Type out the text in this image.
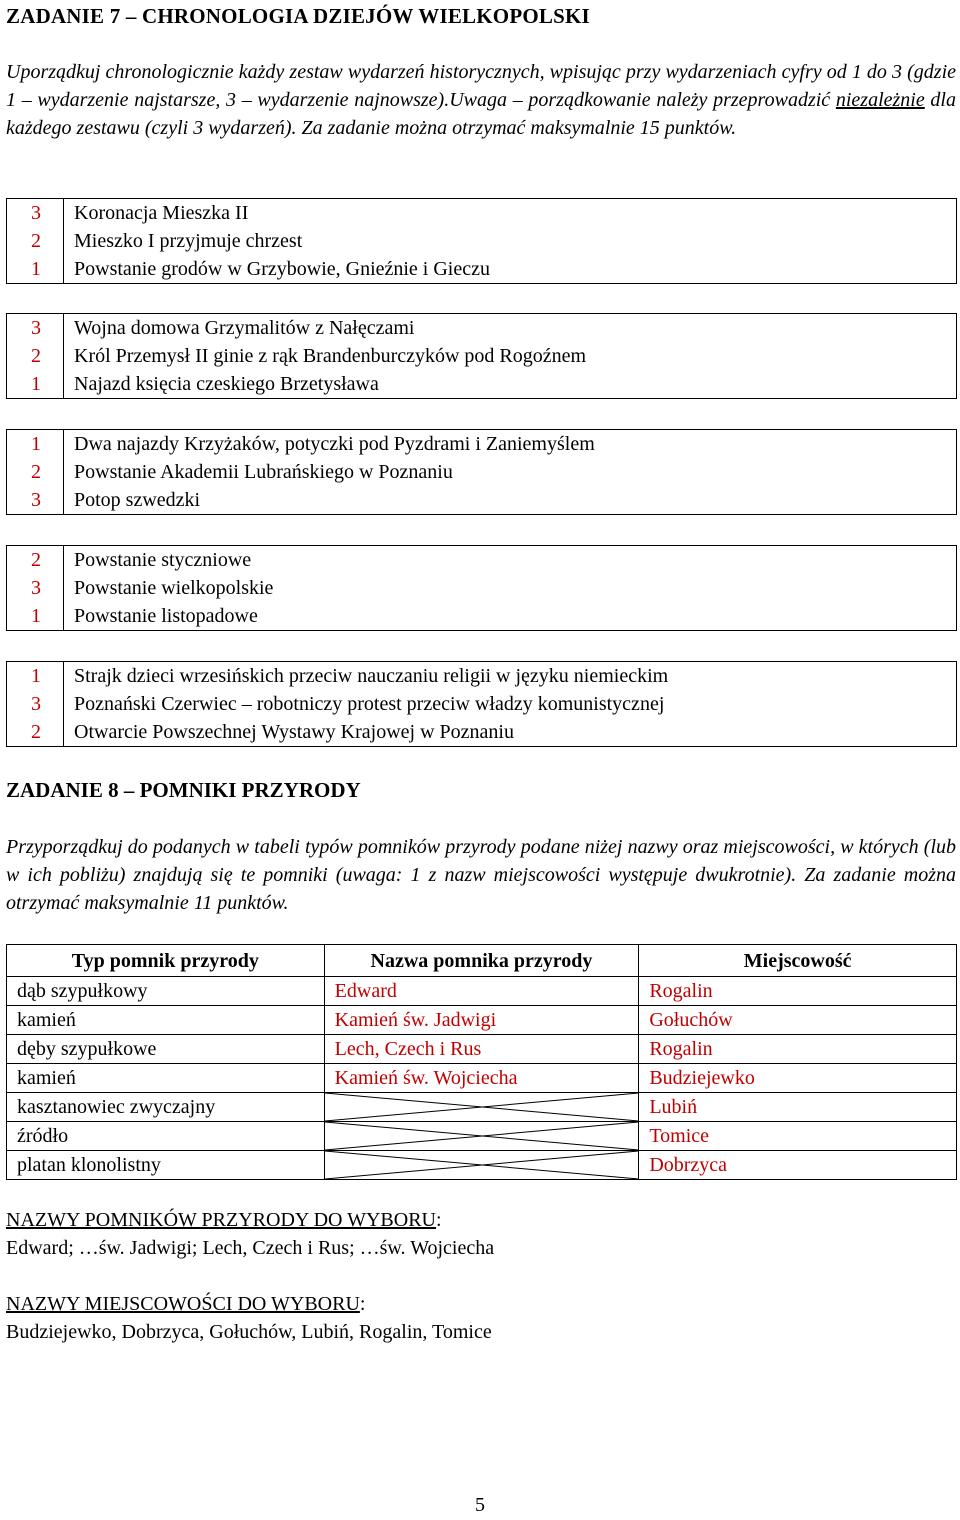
ZADANIE 7 – CHRONOLOGIA DZIEJÓW WIELKOPOLSKI
Uporządkuj chronologicznie każdy zestaw wydarzeń historycznych, wpisując przy wydarzeniach cyfry od 1 do 3 (gdzie 1 – wydarzenie najstarsze, 3 – wydarzenie najnowsze).Uwaga – porządkowanie należy przeprowadzić niezależnie dla każdego zestawu (czyli 3 wydarzeń). Za zadanie można otrzymać maksymalnie 15 punktów.
3	Koronacja Mieszka II
2	Mieszko I przyjmuje chrzest
1	Powstanie grodów w Grzybowie, Gnieźnie i Gieczu
3	Wojna domowa Grzymalitów z Nałęczami
2	Król Przemysł II ginie z rąk Brandenburczyków pod Rogoźnem
1	Najazd księcia czeskiego Brzetysława
1	Dwa najazdy Krzyżaków, potyczki pod Pyzdrami i Zaniemyślem
2	Powstanie Akademii Lubrańskiego w Poznaniu
3	Potop szwedzki
2	Powstanie styczniowe
3	Powstanie wielkopolskie
1	Powstanie listopadowe
1	Strajk dzieci wrzesińskich przeciw nauczaniu religii w języku niemieckim
3	Poznański Czerwiec – robotniczy protest przeciw władzy komunistycznej
2	Otwarcie Powszechnej Wystawy Krajowej w Poznaniu
ZADANIE 8 – POMNIKI PRZYRODY
Przyporządkuj do podanych w tabeli typów pomników przyrody podane niżej nazwy oraz miejscowości, w których (lub w ich pobliżu) znajdują się te pomniki (uwaga: 1 z nazw miejscowości występuje dwukrotnie). Za zadanie można otrzymać maksymalnie 11 punktów.
Typ pomnik przyrody	Nazwa pomnika przyrody	Miejscowość
dąb szypułkowy	Edward	Rogalin
kamień	Kamień św. Jadwigi	Gołuchów
dęby szypułkowe	Lech, Czech i Rus	Rogalin
kamień	Kamień św. Wojciecha	Budziejewko
kasztanowiec zwyczajny		Lubiń
źródło		Tomice
platan klonolistny		Dobrzyca
NAZWY POMNIKÓW PRZYRODY DO WYBORU:
Edward; …św. Jadwigi; Lech, Czech i Rus; …św. Wojciecha
NAZWY MIEJSCOWOŚCI DO WYBORU:
Budziejewko, Dobrzyca, Gołuchów, Lubiń, Rogalin, Tomice
5
